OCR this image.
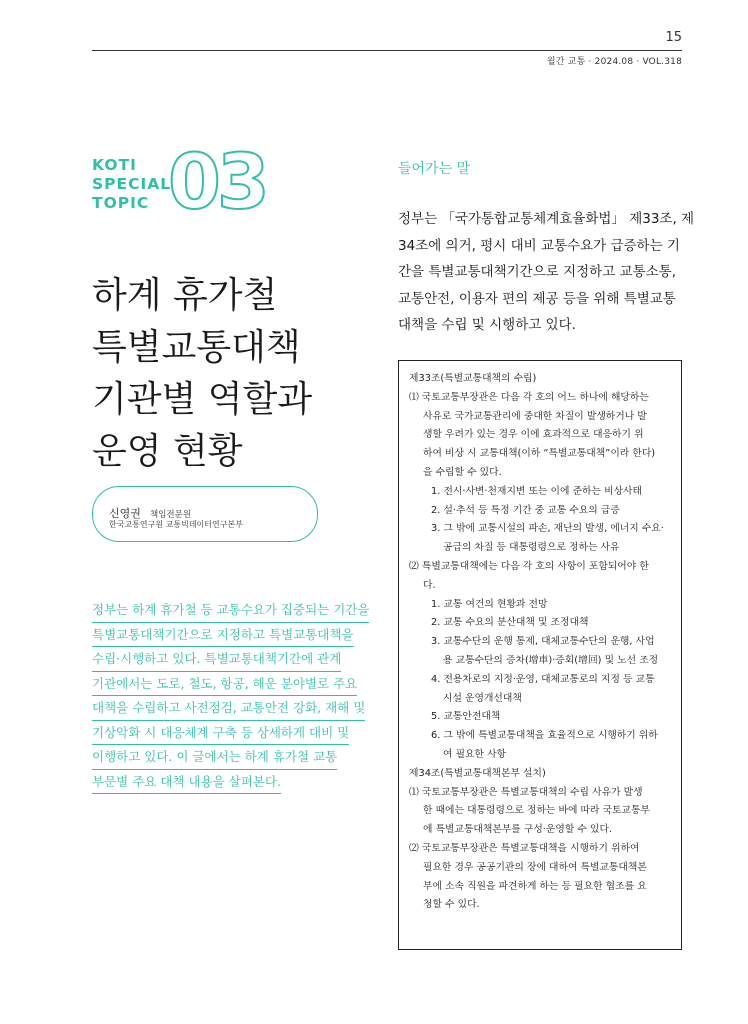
15
월간 교통 · 2024.08 · VOL.318
KOTI
SPECIAL
TOPIC 03
하계 휴가철
특별교통대책
기관별 역할과
운영 현황
신영권 책임전문원
한국교통연구원 교통빅데이터연구본부
정부는 하계 휴가철 등 교통수요가 집중되는 기간을
특별교통대책기간으로 지정하고 특별교통대책을
수립·시행하고 있다. 특별교통대책기간에 관계
기관에서는 도로, 철도, 항공, 해운 분야별로 주요
대책을 수립하고 사전점검, 교통안전 강화, 재해 및
기상악화 시 대응체계 구축 등 상세하게 대비 및
이행하고 있다. 이 글에서는 하계 휴가철 교통
부문별 주요 대책 내용을 살펴본다.
들어가는 말
정부는 「국가통합교통체계효율화법」 제33조, 제
34조에 의거, 평시 대비 교통수요가 급증하는 기
간을 특별교통대책기간으로 지정하고 교통소통,
교통안전, 이용자 편의 제공 등을 위해 특별교통
대책을 수립 및 시행하고 있다.
제33조(특별교통대책의 수립)
⑴ 국토교통부장관은 다음 각 호의 어느 하나에 해당하는
사유로 국가교통관리에 중대한 차질이 발생하거나 발
생할 우려가 있는 경우 이에 효과적으로 대응하기 위
하여 비상 시 교통대책(이하 “특별교통대책”이라 한다)
을 수립할 수 있다.
1. 전시·사변·천재지변 또는 이에 준하는 비상사태
2. 설·추석 등 특정 기간 중 교통 수요의 급증
3. 그 밖에 교통시설의 파손, 재난의 발생, 에너지 수요·
공급의 차질 등 대통령령으로 정하는 사유
⑵ 특별교통대책에는 다음 각 호의 사항이 포함되어야 한
다.
1. 교통 여건의 현황과 전망
2. 교통 수요의 분산대책 및 조정대책
3. 교통수단의 운행 통제, 대체교통수단의 운행, 사업
용 교통수단의 증차(增車)·증회(增回) 및 노선 조정
4. 전용차로의 지정·운영, 대체교통로의 지정 등 교통
시설 운영개선대책
5. 교통안전대책
6. 그 밖에 특별교통대책을 효율적으로 시행하기 위하
여 필요한 사항
제34조(특별교통대책본부 설치)
⑴ 국토교통부장관은 특별교통대책의 수립 사유가 발생
한 때에는 대통령령으로 정하는 바에 따라 국토교통부
에 특별교통대책본부를 구성·운영할 수 있다.
⑵ 국토교통부장관은 특별교통대책을 시행하기 위하여
필요한 경우 공공기관의 장에 대하여 특별교통대책본
부에 소속 직원을 파견하게 하는 등 필요한 협조를 요
청할 수 있다.
